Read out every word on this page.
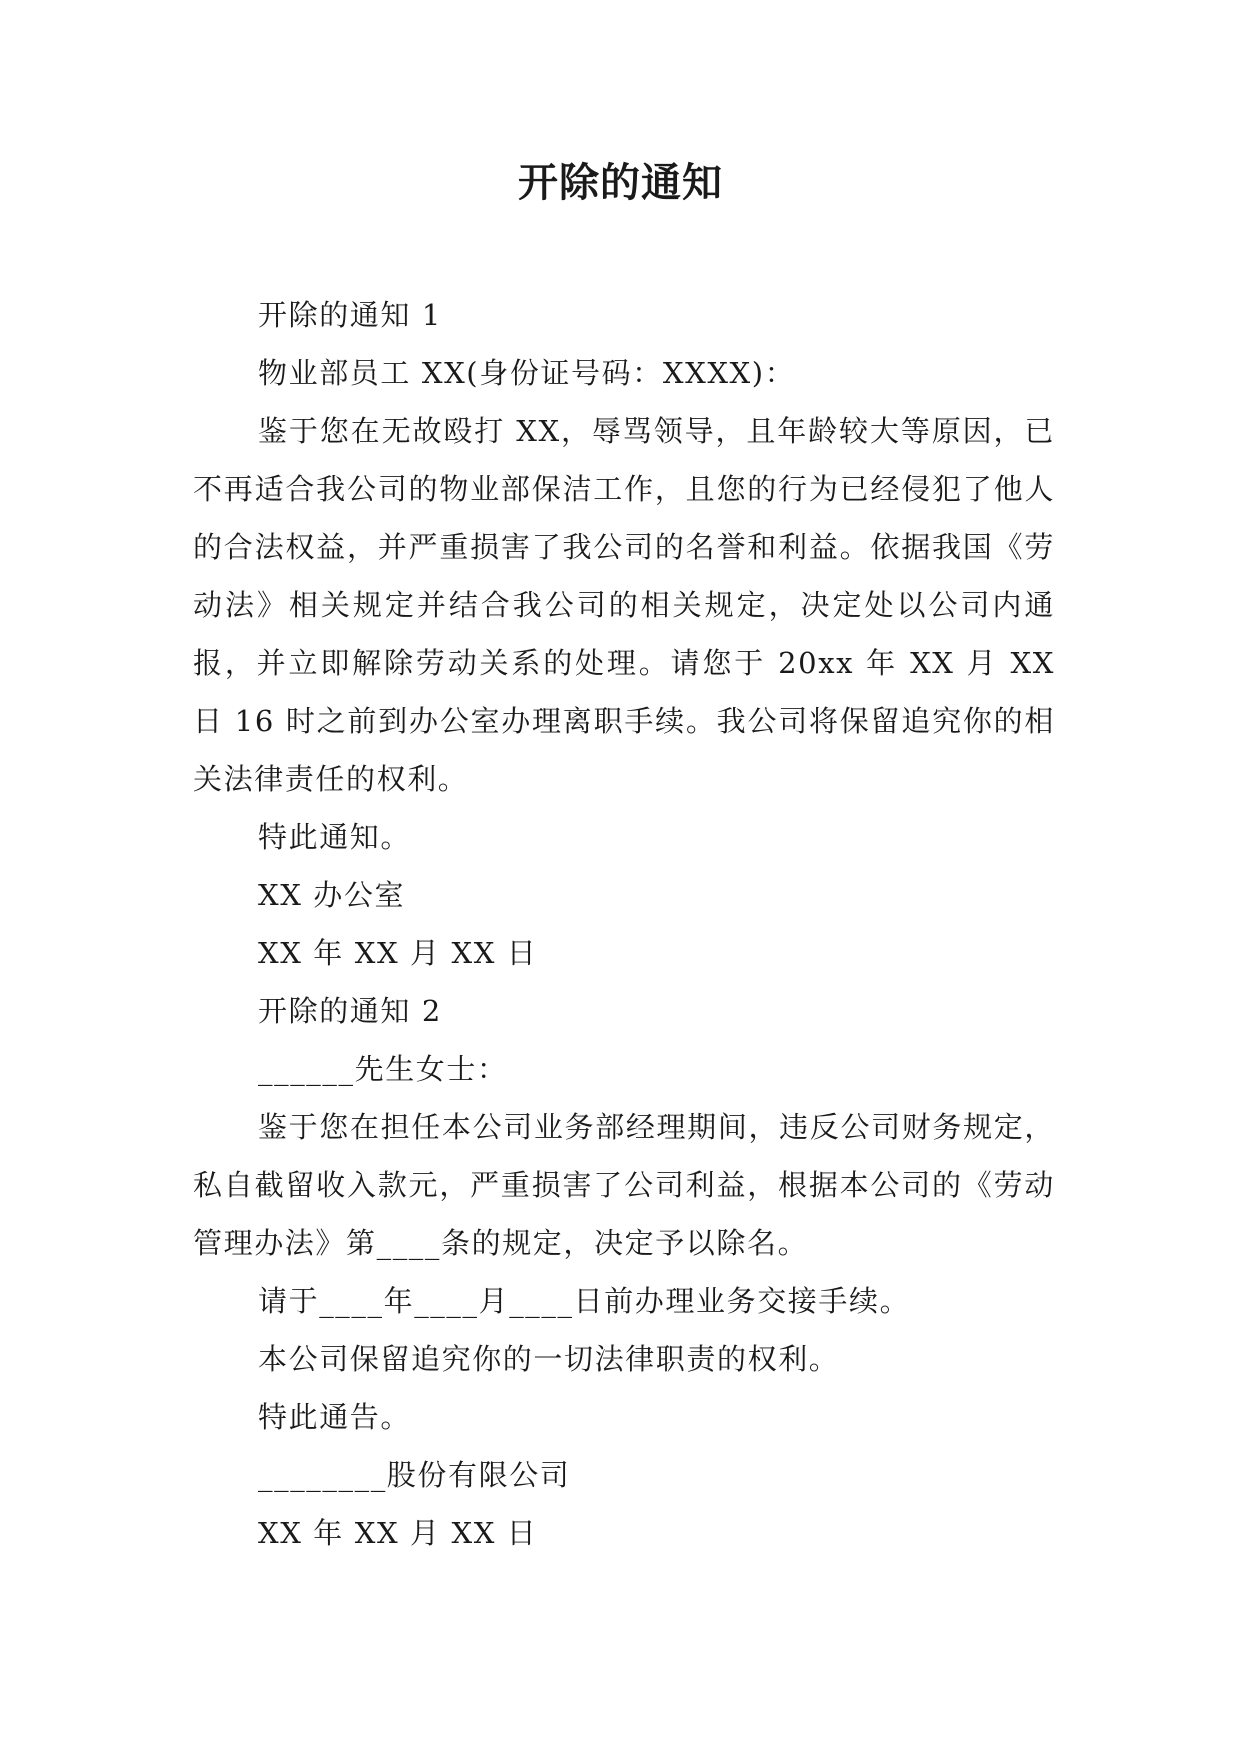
开除的通知

开除的通知 1

物业部员工 XX(身份证号码：XXXX)：

鉴于您在无故殴打 XX，辱骂领导，且年龄较大等原因，已不再适合我公司的物业部保洁工作，且您的行为已经侵犯了他人的合法权益，并严重损害了我公司的名誉和利益。依据我国《劳动法》相关规定并结合我公司的相关规定，决定处以公司内通报，并立即解除劳动关系的处理。请您于 20xx 年 XX 月 XX 日 16 时之前到办公室办理离职手续。我公司将保留追究你的相关法律责任的权利。

特此通知。

XX 办公室

XX 年 XX 月 XX 日

开除的通知 2

______先生女士：

鉴于您在担任本公司业务部经理期间，违反公司财务规定，私自截留收入款元，严重损害了公司利益，根据本公司的《劳动管理办法》第____条的规定，决定予以除名。

请于____年____月____日前办理业务交接手续。

本公司保留追究你的一切法律职责的权利。

特此通告。

________股份有限公司

XX 年 XX 月 XX 日
